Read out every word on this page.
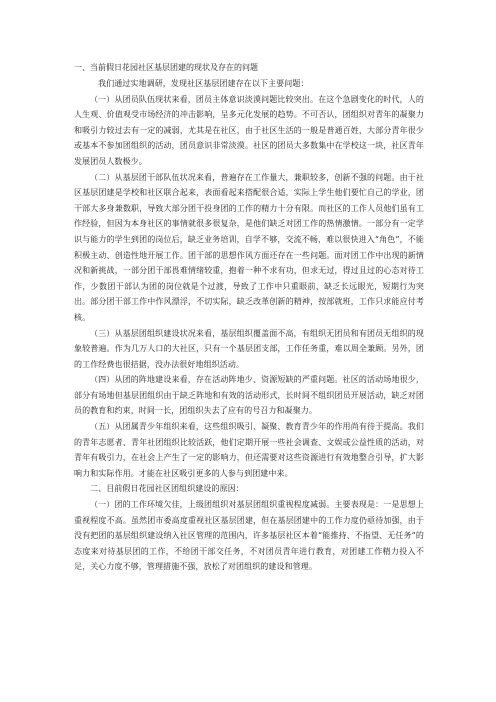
一、当前假日花园社区基层团建的现状及存在的问题

我们通过实地调研，发现社区基层团建存在以下主要问题：

（一）从团员队伍现状来看，团员主体意识淡漠问题比较突出。在这个急剧变化的时代，人的人生观、价值观受市场经济的冲击影响，呈多元化发展的趋势。不可否认，团组织对青年的凝聚力和吸引力较过去有一定的减弱，尤其是在社区，由于社区生活的一般是普通百姓，大部分青年很少或基本不参加团组织的活动，团员意识非常淡漠。社区的团员大多数集中在学校这一块，社区青年发展团员人数极少。

（二）从基层团干部队伍状况来看，普遍存在工作量大，兼职较多，创新不强的问题。由于社区基层团建是学校和社区联合起来，表面看起来搭配很合适，实际上学生他们要忙自己的学业，团干部大多身兼数职，导致大部分团干投身团的工作的精力十分有限。而社区的工作人员他们虽有工作经验，但因为本身社区的事情就很多很复杂，是他们缺乏对团工作的热情激情。一部分有一定学识与能力的学生到团的岗位后，缺乏业务培训，自学不够，交流不畅，难以很快进入“角色”，不能积极主动、创造性地开展工作。团干部的思想作风方面还存在一些问题。面对团工作中出现的新情况和新挑战，一部分团干部畏难情绪较重，抱着一种不求有功，但求无过，得过且过的心态对待工作，少数团干部认为团的岗位就是个过渡，导致了工作中只重眼前，缺乏长远眼光，短期行为突出。部分团干部工作中作风漂浮，不切实际，缺乏改革创新的精神，按部就班，工作只求能应付考核。

（三）从基层团组织建设状况来看，基层组织覆盖面不高，有组织无团员和有团员无组织的现象较普遍。作为几万人口的大社区，只有一个基层团支部，工作任务重，难以周全兼顾。另外，团的工作经费也很拮据，没办法很好地组织活动。

（四）从团的阵地建设来看，存在活动阵地少、资源短缺的严重问题。社区的活动场地很少，部分有场地但基层团组织由于缺乏阵地和有效的活动形式，长时间不组织团员开展活动，缺乏对团员的教育和约束，时间一长，团组织失去了应有的号召力和凝聚力。

（五）从团属青少年组织来看，这些组织吸引、凝聚、教育青少年的作用尚有待于提高。我们的青年志愿者、青年社团组织比较活跃，他们定期开展一些社会调查、文娱或公益性质的活动，对青年有吸引力，在社会上产生了一定的影响力，但还需要对这些资源进行有效地整合引导，扩大影响力和实际作用。才能在社区吸引更多的人参与到团建中来。

二、目前假日花园社区团组织建设的原因：

（一）团的工作环境欠佳，上级团组织对基层团组织重视程度减弱。主要表现是：一是思想上重视程度不高。虽然团市委高度重视社区基层团建，但在基层团建中的工作力度仍亟待加强，由于没有把团的基层组织建设纳入社区管理的范围内，许多基层社区本着“能推持、不指望、无任务”的态度来对待基层团的工作，不给团干部交任务，不对团员青年进行教育，对团建工作精力投入不足，关心力度不够，管理措施不强，放松了对团组织的建设和管理。
